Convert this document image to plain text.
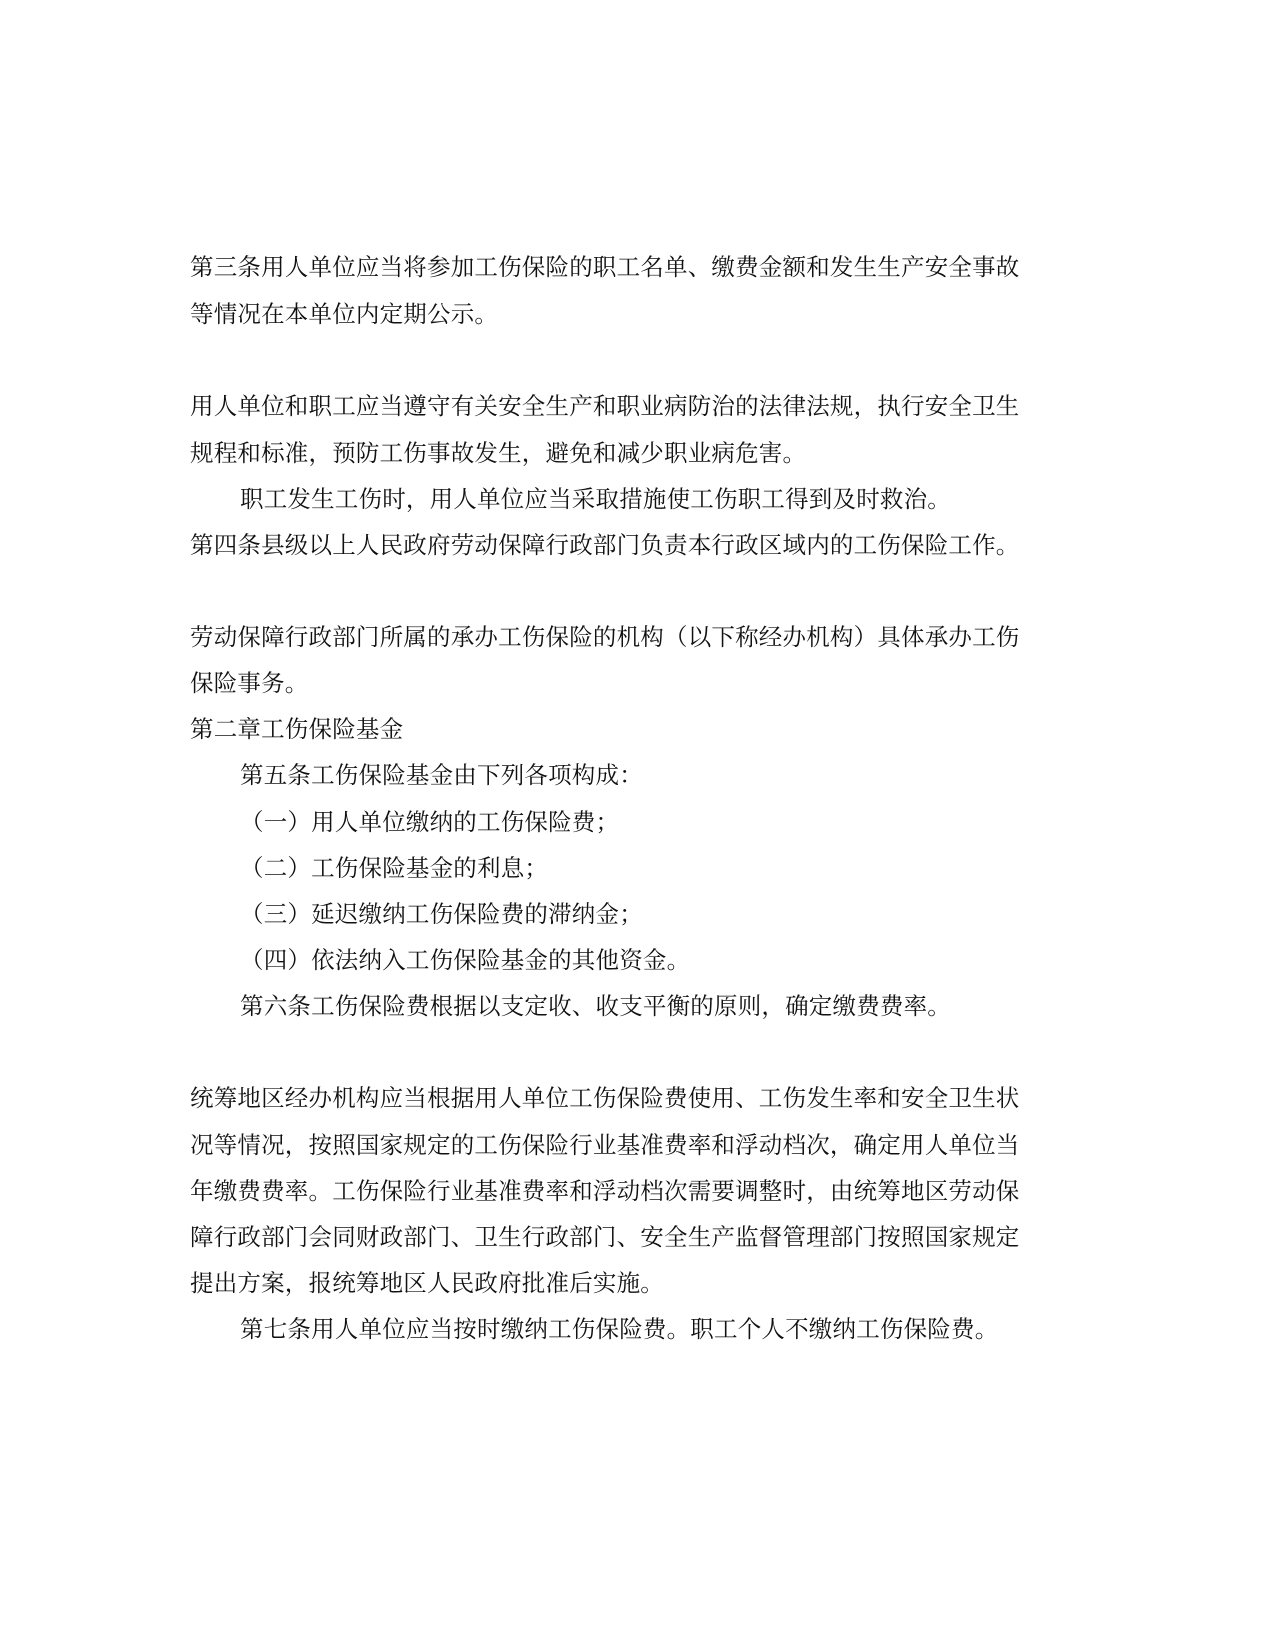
第三条用人单位应当将参加工伤保险的职工名单、缴费金额和发生生产安全事故
等情况在本单位内定期公示。
用人单位和职工应当遵守有关安全生产和职业病防治的法律法规，执行安全卫生
规程和标准，预防工伤事故发生，避免和减少职业病危害。
职工发生工伤时，用人单位应当采取措施使工伤职工得到及时救治。
第四条县级以上人民政府劳动保障行政部门负责本行政区域内的工伤保险工作。
劳动保障行政部门所属的承办工伤保险的机构（以下称经办机构）具体承办工伤
保险事务。
第二章工伤保险基金
第五条工伤保险基金由下列各项构成：
（一）用人单位缴纳的工伤保险费；
（二）工伤保险基金的利息；
（三）延迟缴纳工伤保险费的滞纳金；
（四）依法纳入工伤保险基金的其他资金。
第六条工伤保险费根据以支定收、收支平衡的原则，确定缴费费率。
统筹地区经办机构应当根据用人单位工伤保险费使用、工伤发生率和安全卫生状
况等情况，按照国家规定的工伤保险行业基准费率和浮动档次，确定用人单位当
年缴费费率。工伤保险行业基准费率和浮动档次需要调整时，由统筹地区劳动保
障行政部门会同财政部门、卫生行政部门、安全生产监督管理部门按照国家规定
提出方案，报统筹地区人民政府批准后实施。
第七条用人单位应当按时缴纳工伤保险费。职工个人不缴纳工伤保险费。
